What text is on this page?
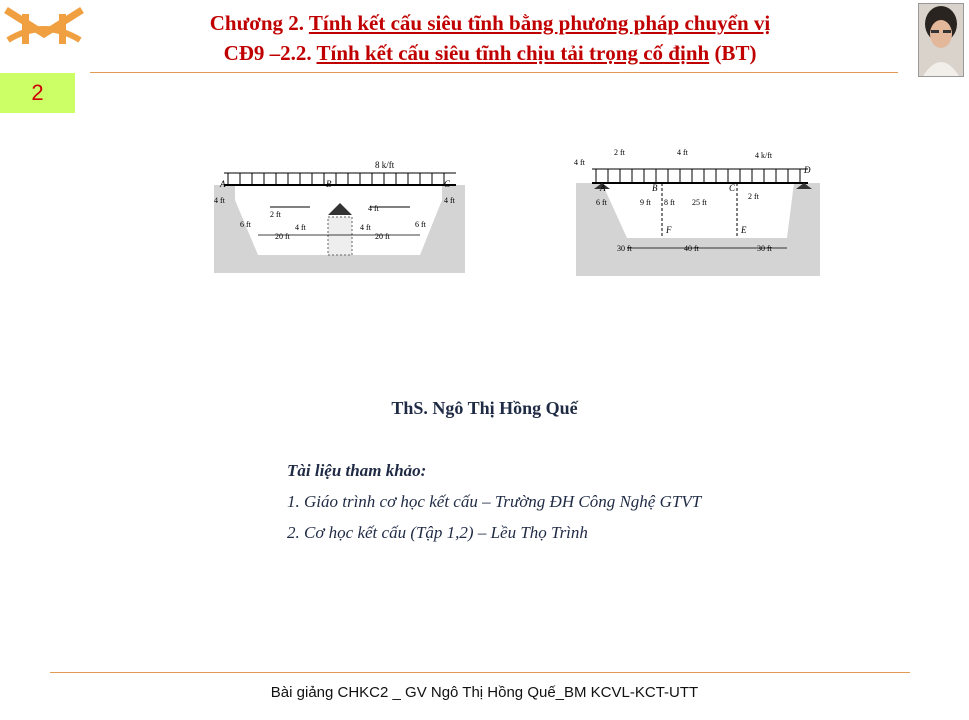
2
Chương 2. Tính kết cấu siêu tĩnh bằng phương pháp chuyển vị
CĐ9 –2.2. Tính kết cấu siêu tĩnh chịu tải trọng cố định (BT)
8 k/ft
A	B	C
4 ft	4 ft
2 ft
4 ft
6 ft	6 ft
4 ft	4 ft
20 ft	20 ft
4 ft
2 ft	4 ft	4 k/ft
A	B	C
D
F	E
6 ft	9 ft 8 ft 25 ft
2 ft
30 ft	40 ft	30 ft
ThS. Ngô Thị Hồng Quế
Tài liệu tham khảo:
1. Giáo trình cơ học kết cấu – Trường ĐH Công Nghệ GTVT
2. Cơ học kết cấu (Tập 1,2) – Lều Thọ Trình
Bài giảng CHKC2 _ GV Ngô Thị Hồng Quế_BM KCVL-KCT-UTT
